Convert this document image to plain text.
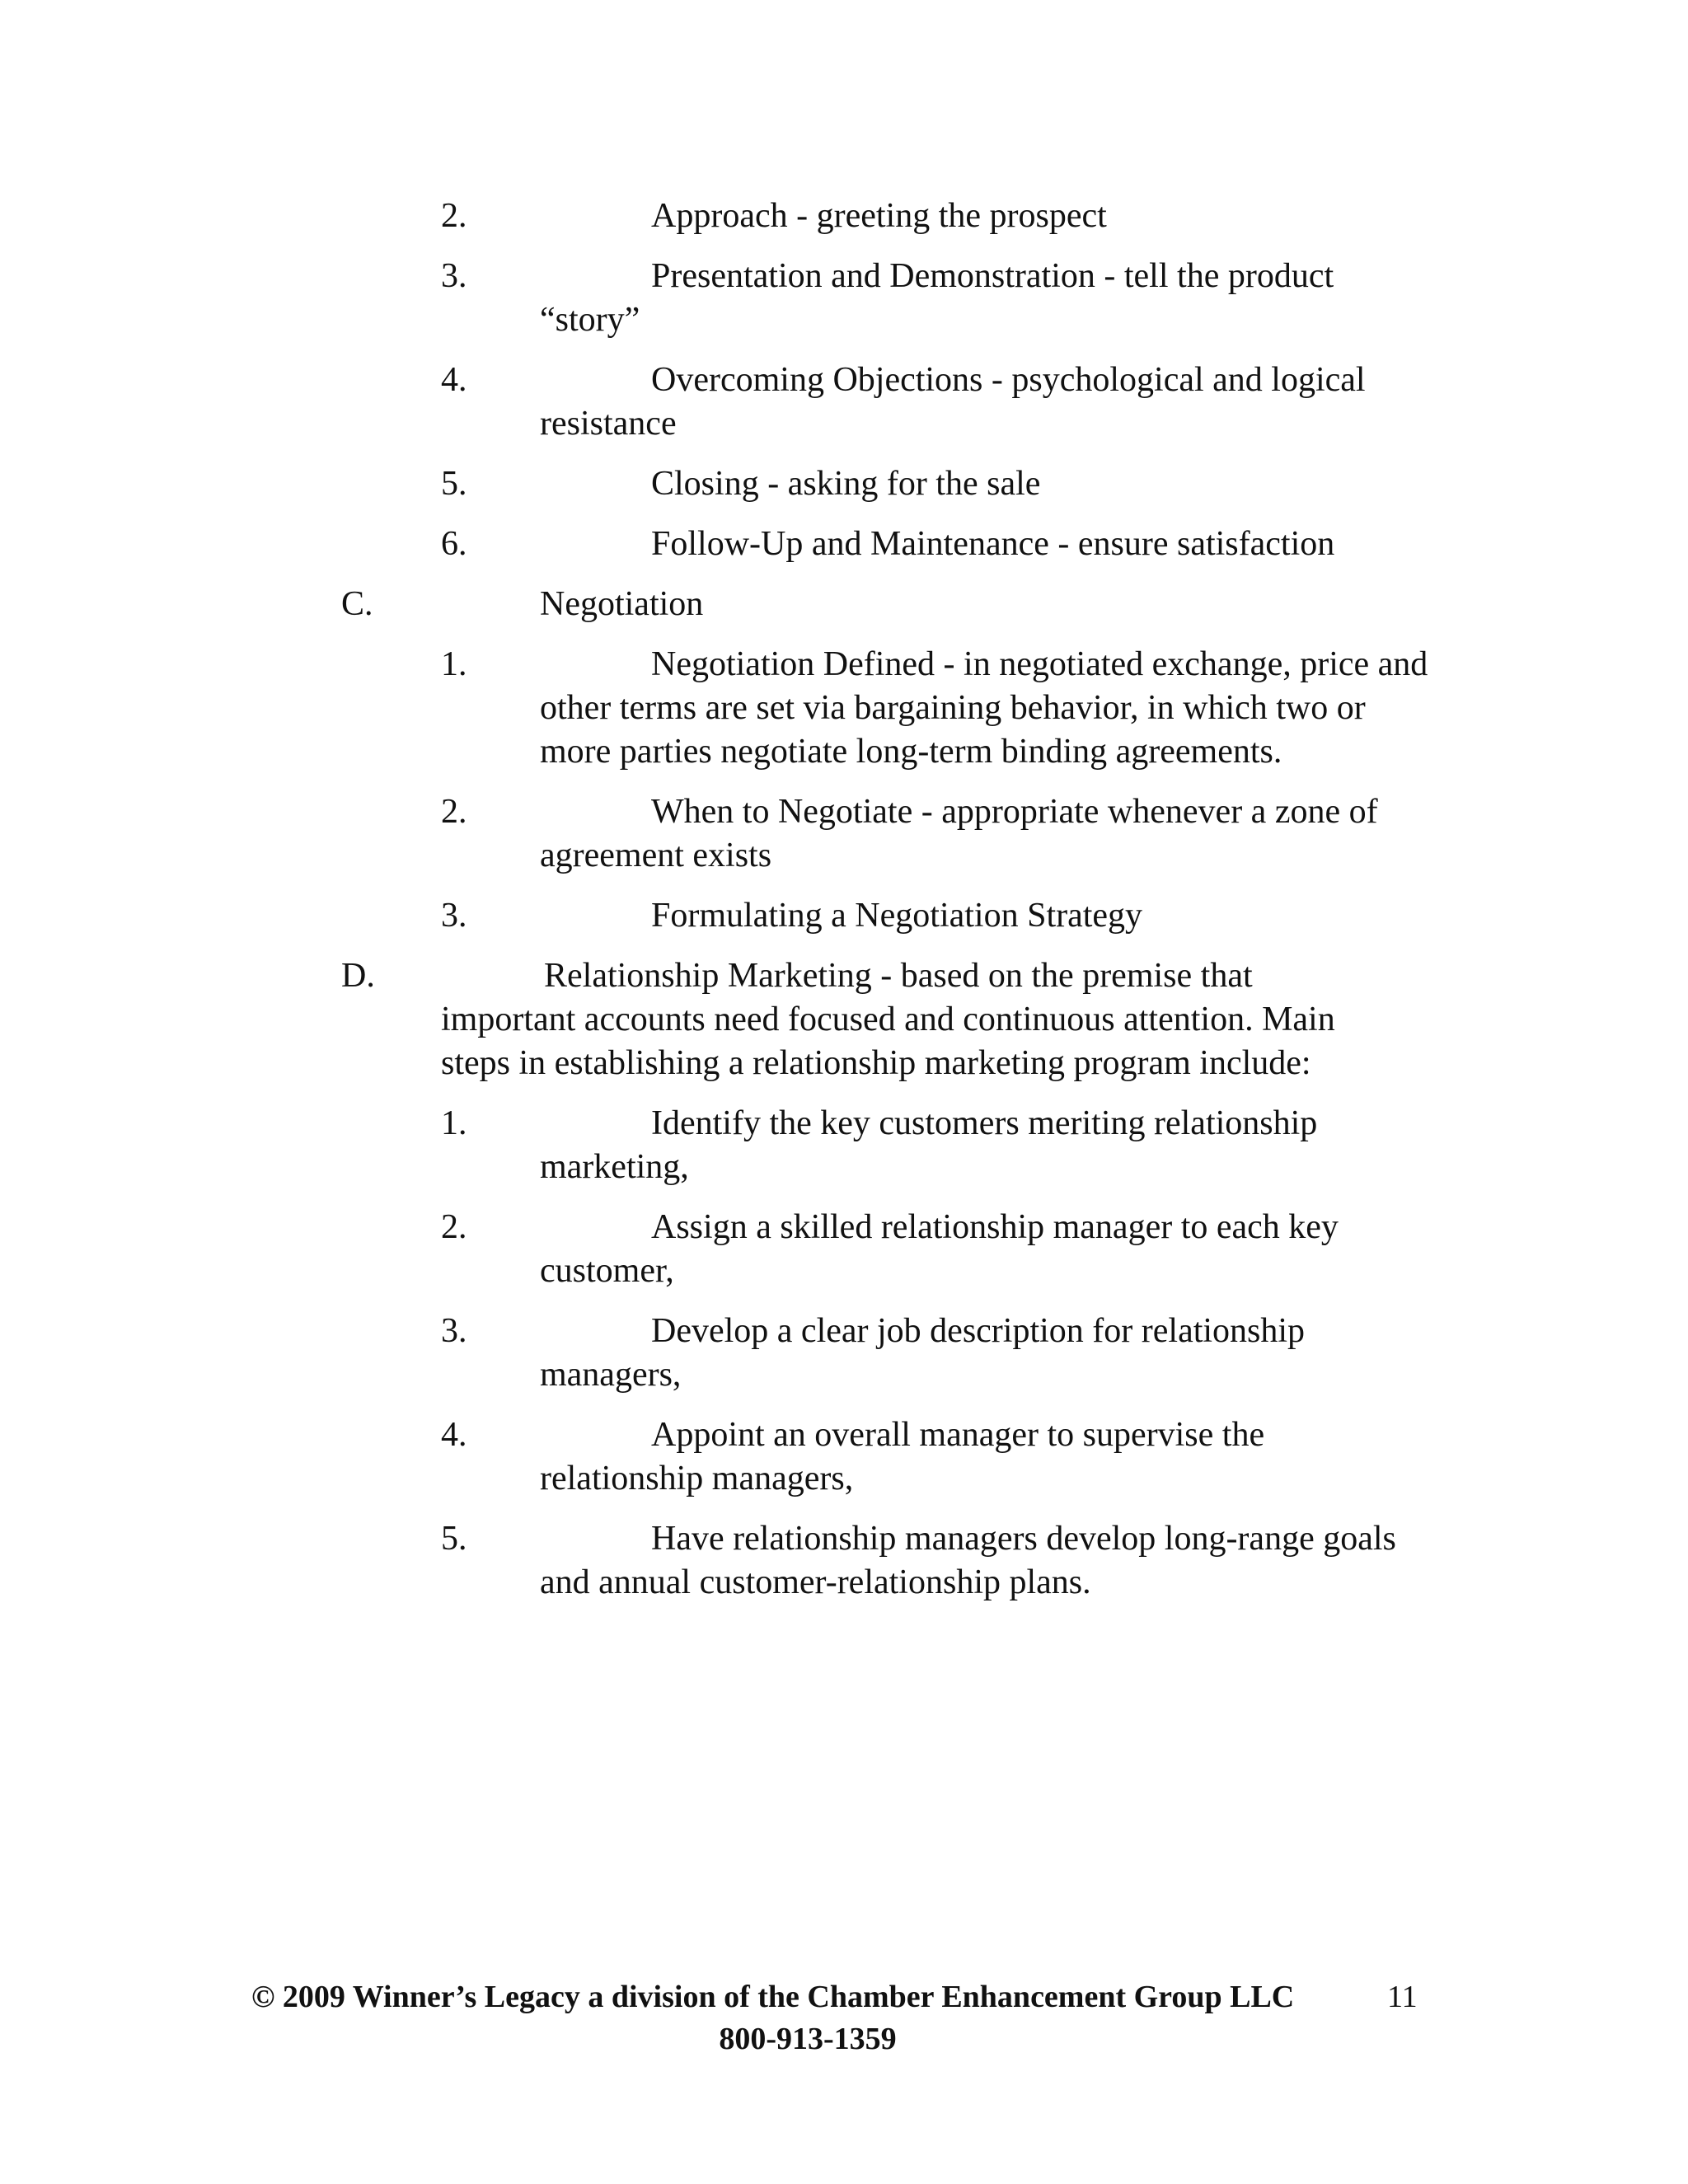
2.	Approach - greeting the prospect
3.	Presentation and Demonstration - tell the product “story”
4.	Overcoming Objections - psychological and logical resistance
5.	Closing - asking for the sale
6.	Follow-Up and Maintenance - ensure satisfaction
C.	Negotiation
1.	Negotiation Defined - in negotiated exchange, price and other terms are set via bargaining behavior, in which two or more parties negotiate long-term binding agreements.
2.	When to Negotiate - appropriate whenever a zone of agreement exists
3.	Formulating a Negotiation Strategy
D.	Relationship Marketing - based on the premise that important accounts need focused and continuous attention. Main steps in establishing a relationship marketing program include:
1.	Identify the key customers meriting relationship marketing,
2.	Assign a skilled relationship manager to each key customer,
3.	Develop a clear job description for relationship managers,
4.	Appoint an overall manager to supervise the relationship managers,
5.	Have relationship managers develop long-range goals and annual customer-relationship plans.
© 2009 Winner’s Legacy a division of the Chamber Enhancement Group LLC	11
800-913-1359
